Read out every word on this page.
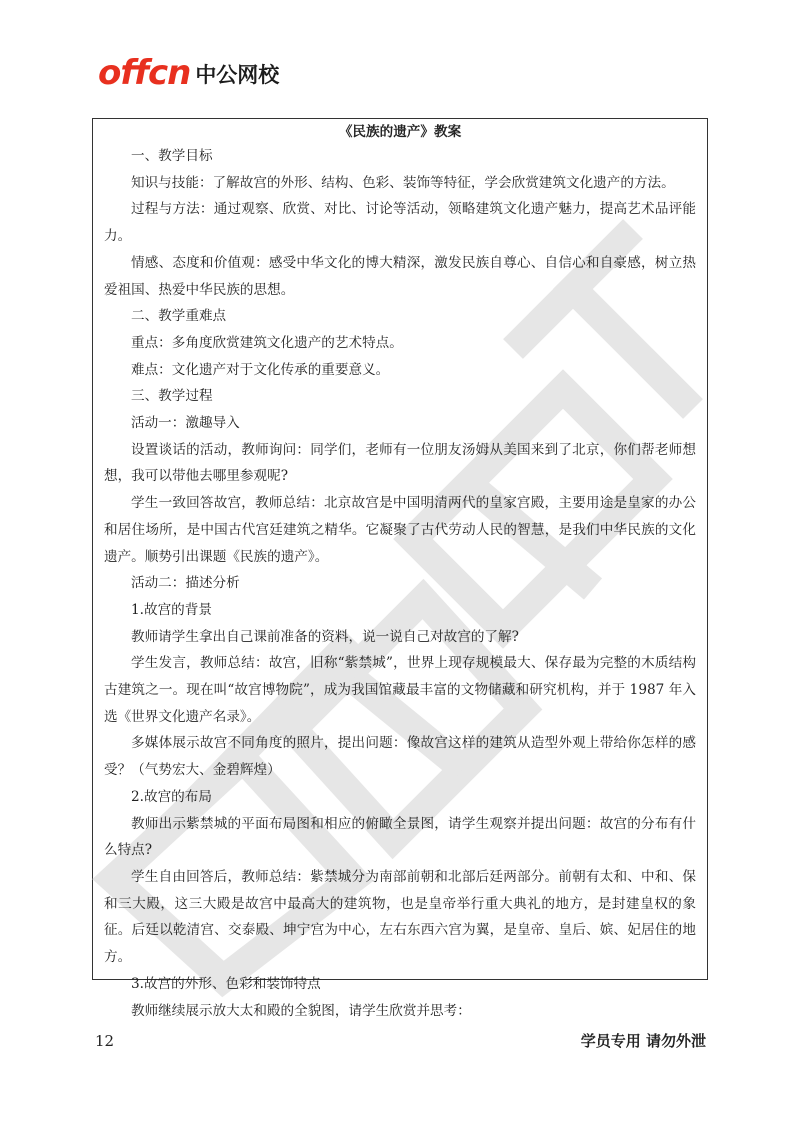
offcn 中公网校
《民族的遗产》教案

一、教学目标

知识与技能：了解故宫的外形、结构、色彩、装饰等特征，学会欣赏建筑文化遗产的方法。

过程与方法：通过观察、欣赏、对比、讨论等活动，领略建筑文化遗产魅力，提高艺术品评能力。

情感、态度和价值观：感受中华文化的博大精深，激发民族自尊心、自信心和自豪感，树立热爱祖国、热爱中华民族的思想。

二、教学重难点

重点：多角度欣赏建筑文化遗产的艺术特点。

难点：文化遗产对于文化传承的重要意义。

三、教学过程

活动一：激趣导入

设置谈话的活动，教师询问：同学们，老师有一位朋友汤姆从美国来到了北京，你们帮老师想想，我可以带他去哪里参观呢?

学生一致回答故宫，教师总结：北京故宫是中国明清两代的皇家宫殿，主要用途是皇家的办公和居住场所，是中国古代宫廷建筑之精华。它凝聚了古代劳动人民的智慧，是我们中华民族的文化遗产。顺势引出课题《民族的遗产》。

活动二：描述分析

1.故宫的背景

教师请学生拿出自己课前准备的资料，说一说自己对故宫的了解?

学生发言，教师总结：故宫，旧称“紫禁城”，世界上现存规模最大、保存最为完整的木质结构古建筑之一。现在叫“故宫博物院”，成为我国馆藏最丰富的文物储藏和研究机构，并于 1987 年入选《世界文化遗产名录》。

多媒体展示故宫不同角度的照片，提出问题：像故宫这样的建筑从造型外观上带给你怎样的感受？（气势宏大、金碧辉煌）

2.故宫的布局

教师出示紫禁城的平面布局图和相应的俯瞰全景图，请学生观察并提出问题：故宫的分布有什么特点?

学生自由回答后，教师总结：紫禁城分为南部前朝和北部后廷两部分。前朝有太和、中和、保和三大殿，这三大殿是故宫中最高大的建筑物，也是皇帝举行重大典礼的地方，是封建皇权的象征。后廷以乾清宫、交泰殿、坤宁宫为中心，左右东西六宫为翼，是皇帝、皇后、嫔、妃居住的地方。

3.故宫的外形、色彩和装饰特点

教师继续展示放大太和殿的全貌图，请学生欣赏并思考：

12	学员专用 请勿外泄
